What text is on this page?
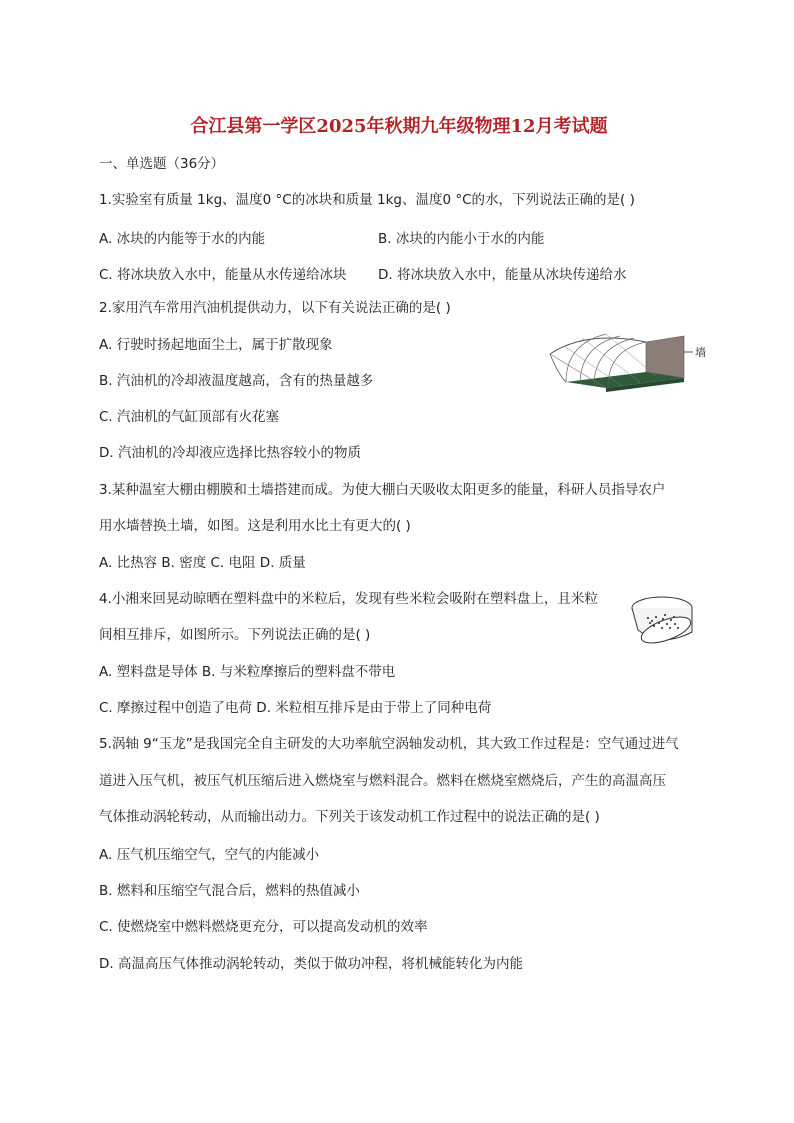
合江县第一学区2025年秋期九年级物理12月考试题
一、单选题（36分）
1.实验室有质量 1kg、温度0 °C的冰块和质量 1kg、温度0 °C的水，下列说法正确的是( )
A. 冰块的内能等于水的内能	B. 冰块的内能小于水的内能
C. 将冰块放入水中，能量从水传递给冰块 D. 将冰块放入水中，能量从冰块传递给水
2.家用汽车常用汽油机提供动力，以下有关说法正确的是( )
A. 行驶时扬起地面尘土，属于扩散现象
B. 汽油机的冷却液温度越高，含有的热量越多
C. 汽油机的气缸顶部有火花塞
D. 汽油机的冷却液应选择比热容较小的物质
墙
3.某种温室大棚由棚膜和土墙搭建而成。为使大棚白天吸收太阳更多的能量，科研人员指导农户
用水墙替换土墙，如图。这是利用水比土有更大的( )
A. 比热容 B. 密度 C. 电阻 D. 质量
4.小湘来回晃动晾晒在塑料盘中的米粒后，发现有些米粒会吸附在塑料盘上，且米粒
间相互排斥，如图所示。下列说法正确的是( )
A. 塑料盘是导体 B. 与米粒摩擦后的塑料盘不带电
C. 摩擦过程中创造了电荷 D. 米粒相互排斥是由于带上了同种电荷
5.涡轴 9“玉龙”是我国完全自主研发的大功率航空涡轴发动机，其大致工作过程是：空气通过进气
道进入压气机，被压气机压缩后进入燃烧室与燃料混合。燃料在燃烧室燃烧后，产生的高温高压
气体推动涡轮转动，从而输出动力。下列关于该发动机工作过程中的说法正确的是( )
A. 压气机压缩空气，空气的内能减小
B. 燃料和压缩空气混合后，燃料的热值减小
C. 使燃烧室中燃料燃烧更充分，可以提高发动机的效率
D. 高温高压气体推动涡轮转动，类似于做功冲程，将机械能转化为内能
